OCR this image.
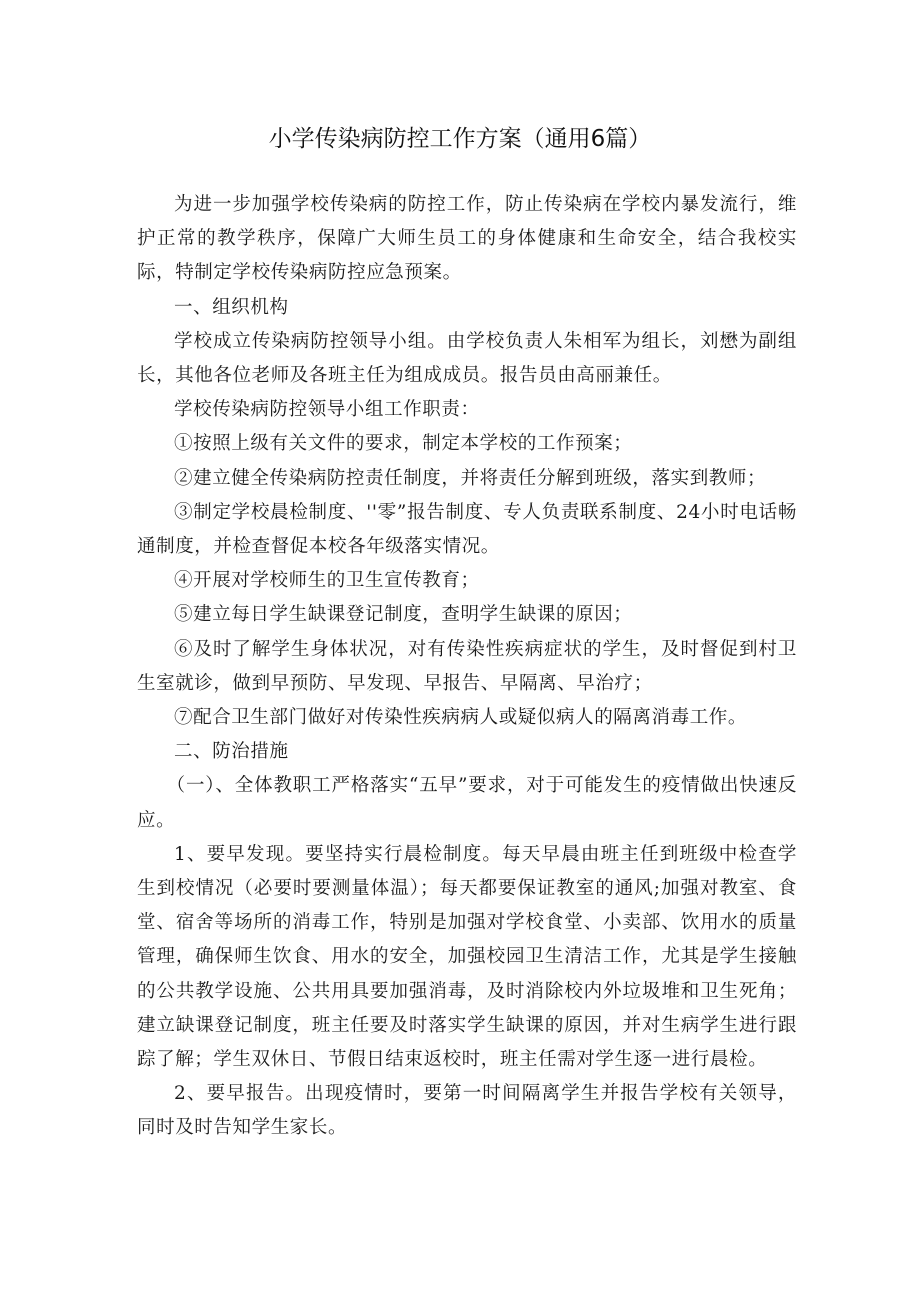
小学传染病防控工作方案（通用6篇）

为进一步加强学校传染病的防控工作，防止传染病在学校内暴发流行，维护正常的教学秩序，保障广大师生员工的身体健康和生命安全，结合我校实际，特制定学校传染病防控应急预案。

一、组织机构

学校成立传染病防控领导小组。由学校负责人朱相军为组长，刘懋为副组长，其他各位老师及各班主任为组成成员。报告员由高丽兼任。

学校传染病防控领导小组工作职责：

①按照上级有关文件的要求，制定本学校的工作预案；

②建立健全传染病防控责任制度，并将责任分解到班级，落实到教师；

③制定学校晨检制度、''零”报告制度、专人负责联系制度、24小时电话畅通制度，并检查督促本校各年级落实情况。

④开展对学校师生的卫生宣传教育；

⑤建立每日学生缺课登记制度，查明学生缺课的原因；

⑥及时了解学生身体状况，对有传染性疾病症状的学生，及时督促到村卫生室就诊，做到早预防、早发现、早报告、早隔离、早治疗；

⑦配合卫生部门做好对传染性疾病病人或疑似病人的隔离消毒工作。

二、防治措施

（一）、全体教职工严格落实“五早”要求，对于可能发生的疫情做出快速反应。

1、要早发现。要坚持实行晨检制度。每天早晨由班主任到班级中检查学生到校情况（必要时要测量体温）；每天都要保证教室的通风;加强对教室、食堂、宿舍等场所的消毒工作，特别是加强对学校食堂、小卖部、饮用水的质量管理，确保师生饮食、用水的安全，加强校园卫生清洁工作，尤其是学生接触的公共教学设施、公共用具要加强消毒，及时消除校内外垃圾堆和卫生死角；建立缺课登记制度，班主任要及时落实学生缺课的原因，并对生病学生进行跟踪了解；学生双休日、节假日结束返校时，班主任需对学生逐一进行晨检。

2、要早报告。出现疫情时，要第一时间隔离学生并报告学校有关领导，同时及时告知学生家长。
